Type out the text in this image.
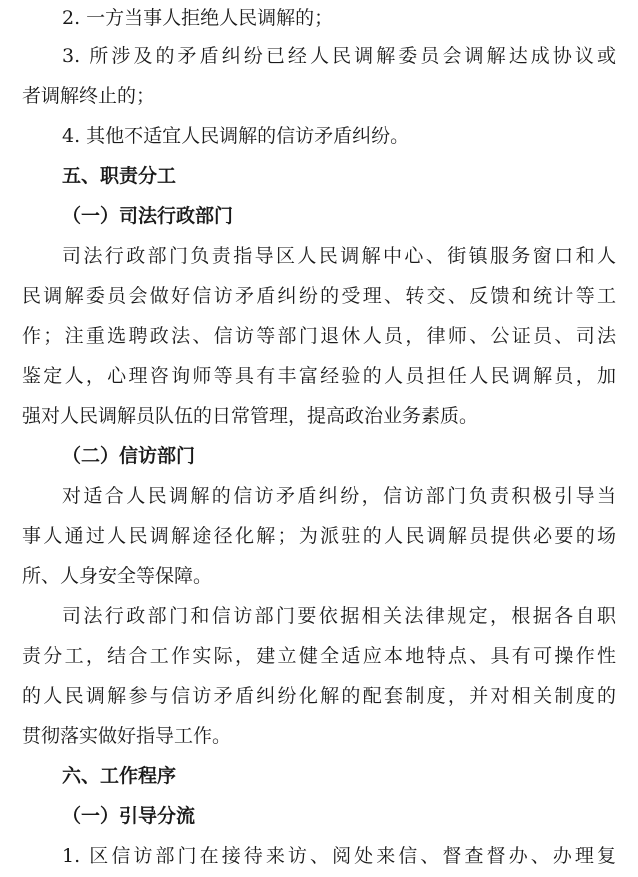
2. 一方当事人拒绝人民调解的；
3. 所涉及的矛盾纠纷已经人民调解委员会调解达成协议或
者调解终止的；
4. 其他不适宜人民调解的信访矛盾纠纷。
五、职责分工
（一）司法行政部门
司法行政部门负责指导区人民调解中心、街镇服务窗口和人
民调解委员会做好信访矛盾纠纷的受理、转交、反馈和统计等工
作；注重选聘政法、信访等部门退休人员，律师、公证员、司法
鉴定人，心理咨询师等具有丰富经验的人员担任人民调解员，加
强对人民调解员队伍的日常管理，提高政治业务素质。
（二）信访部门
对适合人民调解的信访矛盾纠纷，信访部门负责积极引导当
事人通过人民调解途径化解；为派驻的人民调解员提供必要的场
所、人身安全等保障。
司法行政部门和信访部门要依据相关法律规定，根据各自职
责分工，结合工作实际，建立健全适应本地特点、具有可操作性
的人民调解参与信访矛盾纠纷化解的配套制度，并对相关制度的
贯彻落实做好指导工作。
六、工作程序
（一）引导分流
1. 区信访部门在接待来访、阅处来信、督查督办、办理复
